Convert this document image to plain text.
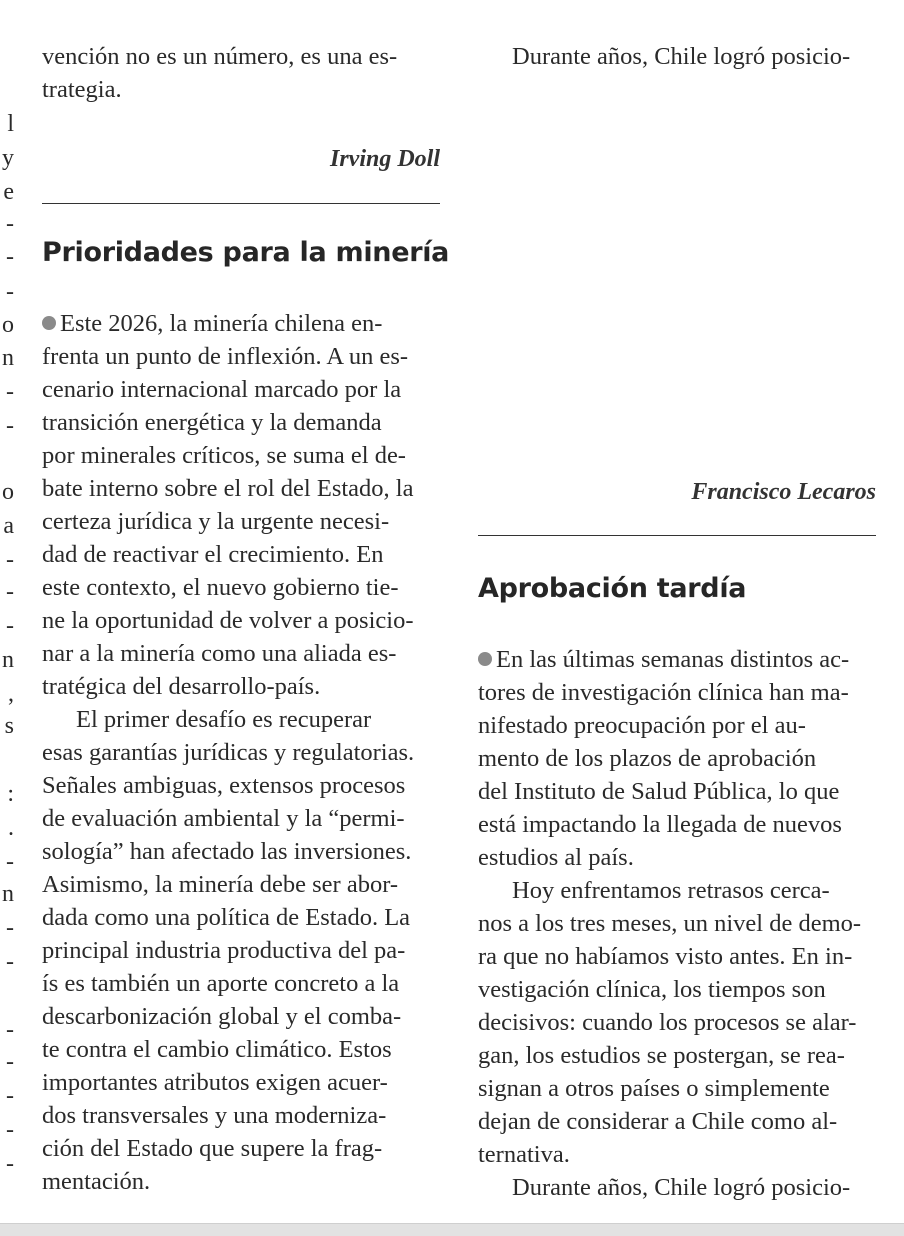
l
y
e
-
-
-
o
n
-
-
o
a
-
-
-
n
,
s
:
.
-
n
-
-
-
-
-
-
-
vención no es un número, es una es-
trategia.
Irving Doll
Prioridades para la minería
Este 2026, la minería chilena en-
frenta un punto de inflexión. A un es-
cenario internacional marcado por la
transición energética y la demanda
por minerales críticos, se suma el de-
bate interno sobre el rol del Estado, la
certeza jurídica y la urgente necesi-
dad de reactivar el crecimiento. En
este contexto, el nuevo gobierno tie-
ne la oportunidad de volver a posicio-
nar a la minería como una aliada es-
tratégica del desarrollo-país.
El primer desafío es recuperar
esas garantías jurídicas y regulatorias.
Señales ambiguas, extensos procesos
de evaluación ambiental y la “permi-
sología” han afectado las inversiones.
Asimismo, la minería debe ser abor-
dada como una política de Estado. La
principal industria productiva del pa-
ís es también un aporte concreto a la
descarbonización global y el comba-
te contra el cambio climático. Estos
importantes atributos exigen acuer-
dos transversales y una moderniza-
ción del Estado que supere la frag-
mentación.
Durante años, Chile logró posicio-
Francisco Lecaros
Aprobación tardía
En las últimas semanas distintos ac-
tores de investigación clínica han ma-
nifestado preocupación por el au-
mento de los plazos de aprobación
del Instituto de Salud Pública, lo que
está impactando la llegada de nuevos
estudios al país.
Hoy enfrentamos retrasos cerca-
nos a los tres meses, un nivel de demo-
ra que no habíamos visto antes. En in-
vestigación clínica, los tiempos son
decisivos: cuando los procesos se alar-
gan, los estudios se postergan, se rea-
signan a otros países o simplemente
dejan de considerar a Chile como al-
ternativa.
Durante años, Chile logró posicio-
